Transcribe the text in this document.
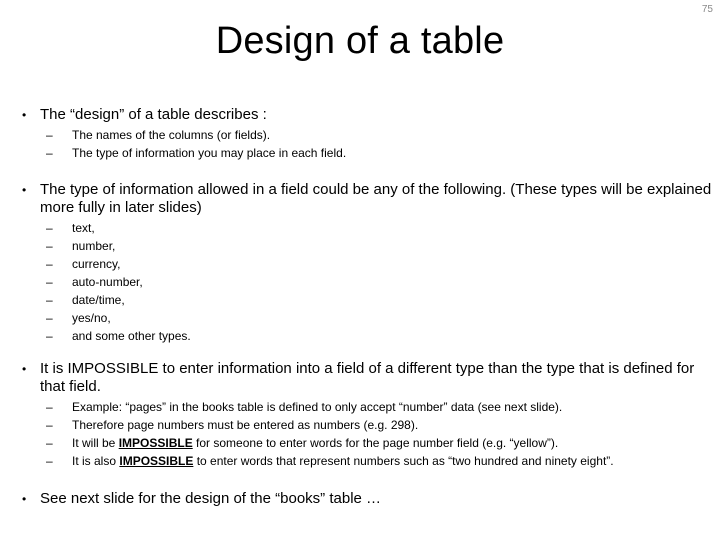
75
Design of a table
• The “design” of a table describes :
– The names of the columns (or fields).
– The type of information you may place in each field.
• The type of information allowed in a field could be any of the following. (These types will be explained more fully in later slides)
– text,
– number,
– currency,
– auto-number,
– date/time,
– yes/no,
– and some other types.
• It is IMPOSSIBLE to enter information into a field of a different type than the type that is defined for that field.
– Example: “pages” in the books table is defined to only accept “number” data (see next slide).
– Therefore page numbers must be entered as numbers (e.g. 298).
– It will be IMPOSSIBLE for someone to enter words for the page number field (e.g. “yellow”).
– It is also IMPOSSIBLE to enter words that represent numbers such as “two hundred and ninety eight”.
• See next slide for the design of the “books” table …
